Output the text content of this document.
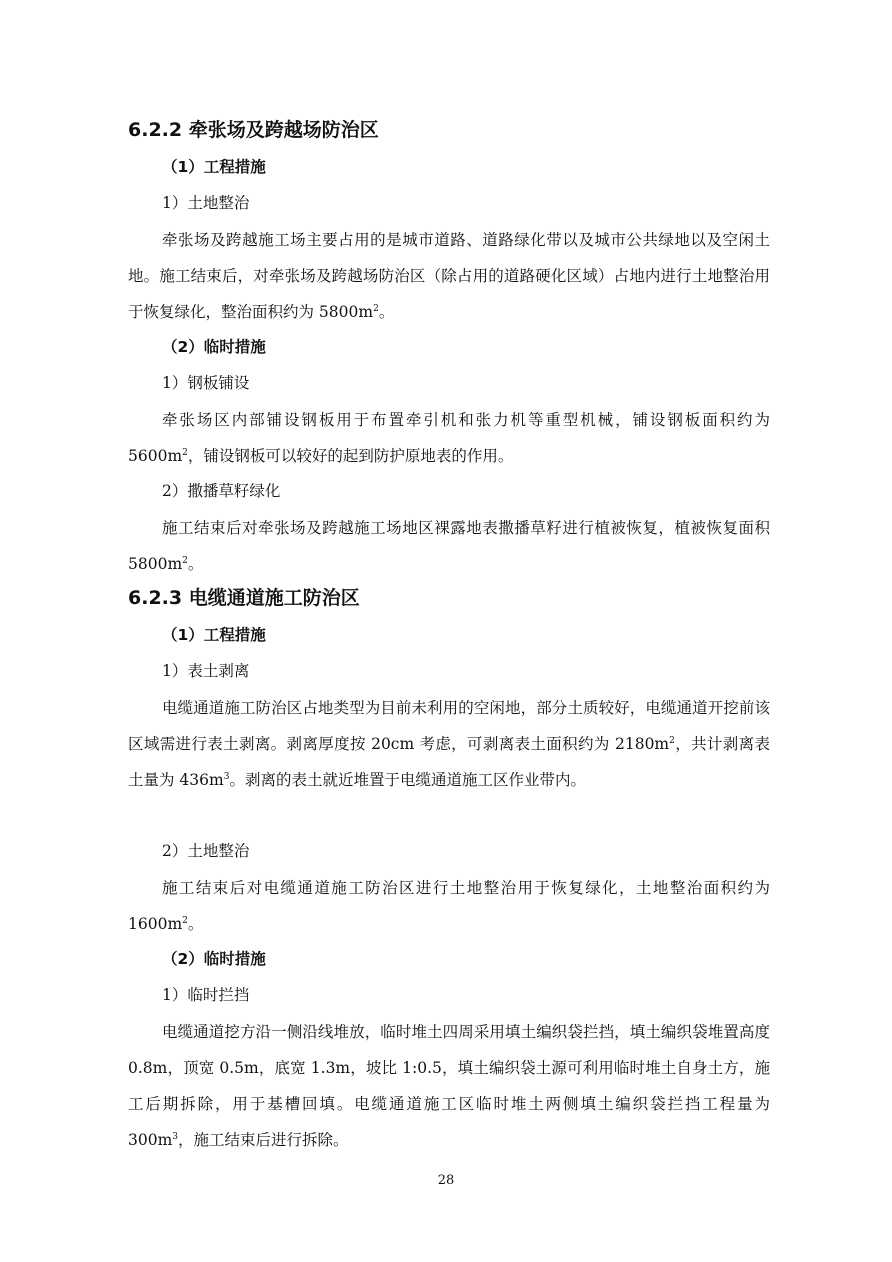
6.2.2 牵张场及跨越场防治区
（1）工程措施
1）土地整治

牵张场及跨越施工场主要占用的是城市道路、道路绿化带以及城市公共绿地以及空闲土地。施工结束后，对牵张场及跨越场防治区（除占用的道路硬化区域）占地内进行土地整治用于恢复绿化，整治面积约为 $5800m^2$。

（2）临时措施
1）钢板铺设

牵张场区内部铺设钢板用于布置牵引机和张力机等重型机械，铺设钢板面积约为 $5600m^2$，铺设钢板可以较好的起到防护原地表的作用。

2）撒播草籽绿化

施工结束后对牵张场及跨越施工场地区裸露地表撒播草籽进行植被恢复，植被恢复面积 $5800m^2$。

6.2.3 电缆通道施工防治区
（1）工程措施
1）表土剥离

电缆通道施工防治区占地类型为目前未利用的空闲地，部分土质较好，电缆通道开挖前该区域需进行表土剥离。剥离厚度按 20cm 考虑，可剥离表土面积约为 $2180m^2$，共计剥离表土量为 $436m^3$。剥离的表土就近堆置于电缆通道施工区作业带内。

2）土地整治

施工结束后对电缆通道施工防治区进行土地整治用于恢复绿化，土地整治面积约为 $1600m^2$。

（2）临时措施
1）临时拦挡

电缆通道挖方沿一侧沿线堆放，临时堆土四周采用填土编织袋拦挡，填土编织袋堆置高度 0.8m，顶宽 0.5m，底宽 1.3m，坡比 1:0.5，填土编织袋土源可利用临时堆土自身土方，施工后期拆除，用于基槽回填。电缆通道施工区临时堆土两侧填土编织袋拦挡工程量为 $300m^3$，施工结束后进行拆除。

28
